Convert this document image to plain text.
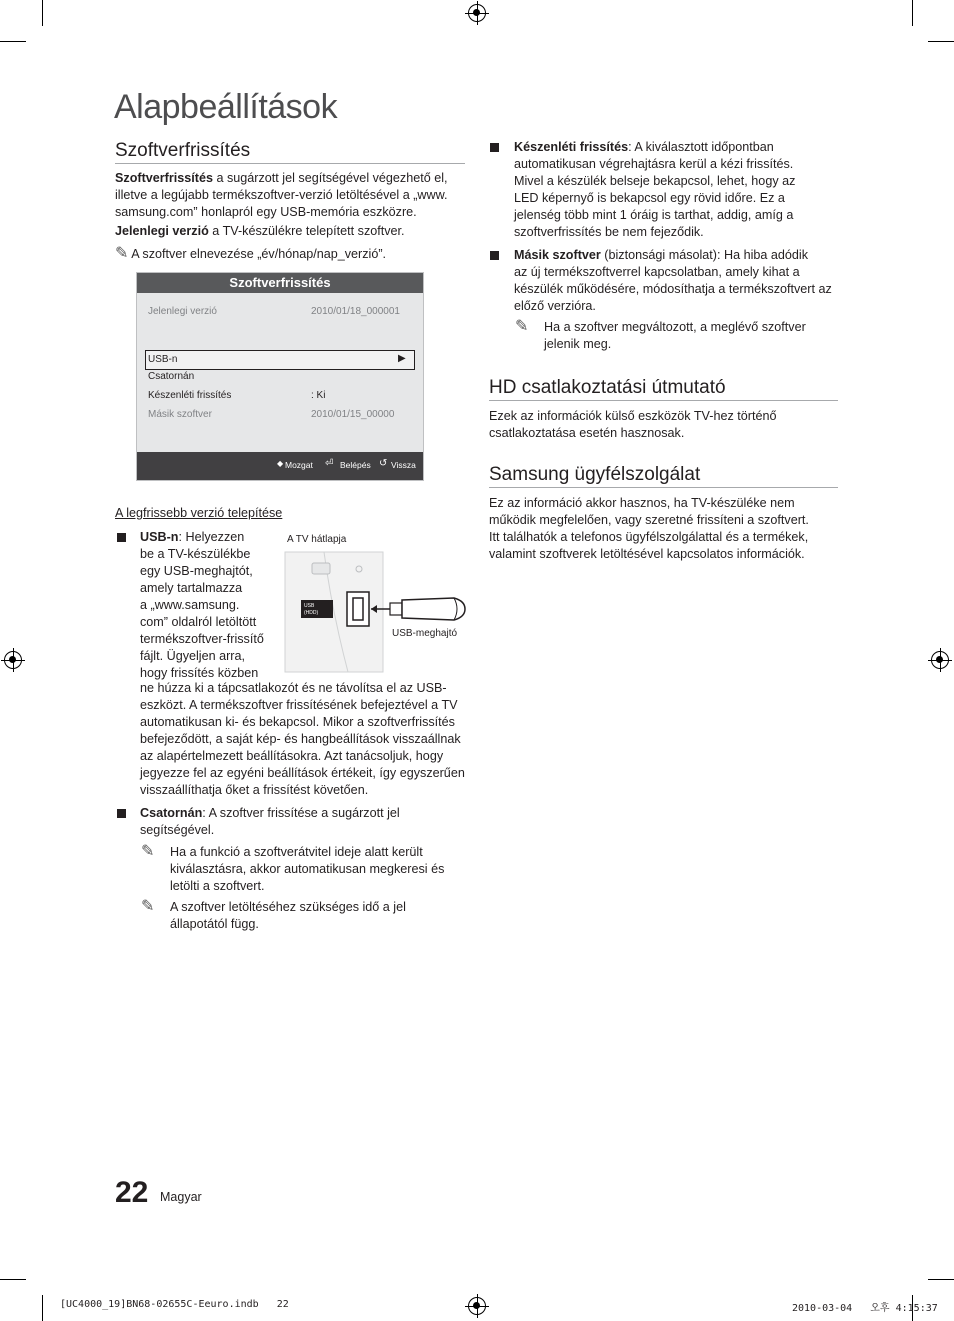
Alapbeállítások
Szoftverfrissítés
Szoftverfrissítés a sugárzott jel segítségével végezhető el,
illetve a legújabb termékszoftver-verzió letöltésével a „www.
samsung.com” honlapról egy USB-memória eszközre.
Jelenlegi verzió a TV-készülékre telepített szoftver.
✎ A szoftver elnevezése „év/hónap/nap_verzió”.
Szoftverfrissítés
Jelenlegi verzió	2010/01/18_000001
USB-n	▶
Csatornán
Készenléti frissítés	: Ki
Másik szoftver	2010/01/15_00000
◆ Mozgat ⏎ Belépés ↺ Vissza
A legfrissebb verzió telepítése
USB-n: Helyezzen
be a TV-készülékbe
egy USB-meghajtót,
amely tartalmazza
a „www.samsung.
com” oldalról letöltött
termékszoftver-frissítő
fájlt. Ügyeljen arra,
hogy frissítés közben
ne húzza ki a tápcsatlakozót és ne távolítsa el az USB-
eszközt. A termékszoftver frissítésének befejeztével a TV
automatikusan ki- és bekapcsol. Mikor a szoftverfrissítés
befejeződött, a saját kép- és hangbeállítások visszaállnak
az alapértelmezett beállításokra. Azt tanácsoljuk, hogy
jegyezze fel az egyéni beállítások értékeit, így egyszerűen
visszaállíthatja őket a frissítést követően.
A TV hátlapja
USB
(HDD)
USB-meghajtó
Csatornán: A szoftver frissítése a sugárzott jel
segítségével.
✎ Ha a funkció a szoftverátvitel ideje alatt került
kiválasztásra, akkor automatikusan megkeresi és
letölti a szoftvert.
✎ A szoftver letöltéséhez szükséges idő a jel
állapotától függ.
Készenléti frissítés: A kiválasztott időpontban
automatikusan végrehajtásra kerül a kézi frissítés.
Mivel a készülék belseje bekapcsol, lehet, hogy az
LED képernyő is bekapcsol egy rövid időre. Ez a
jelenség több mint 1 óráig is tarthat, addig, amíg a
szoftverfrissítés be nem fejeződik.
Másik szoftver (biztonsági másolat): Ha hiba adódik
az új termékszoftverrel kapcsolatban, amely kihat a
készülék működésére, módosíthatja a termékszoftvert az
előző verzióra.
✎ Ha a szoftver megváltozott, a meglévő szoftver
jelenik meg.
HD csatlakoztatási útmutató
Ezek az információk külső eszközök TV-hez történő
csatlakoztatása esetén hasznosak.
Samsung ügyfélszolgálat
Ez az információ akkor hasznos, ha TV-készüléke nem
működik megfelelően, vagy szeretné frissíteni a szoftvert.
Itt találhatók a telefonos ügyfélszolgálattal és a termékek,
valamint szoftverek letöltésével kapcsolatos információk.
22 Magyar
[UC4000_19]BN68-02655C-Eeuro.indb   22	2010-03-04   오후 4:15:37
